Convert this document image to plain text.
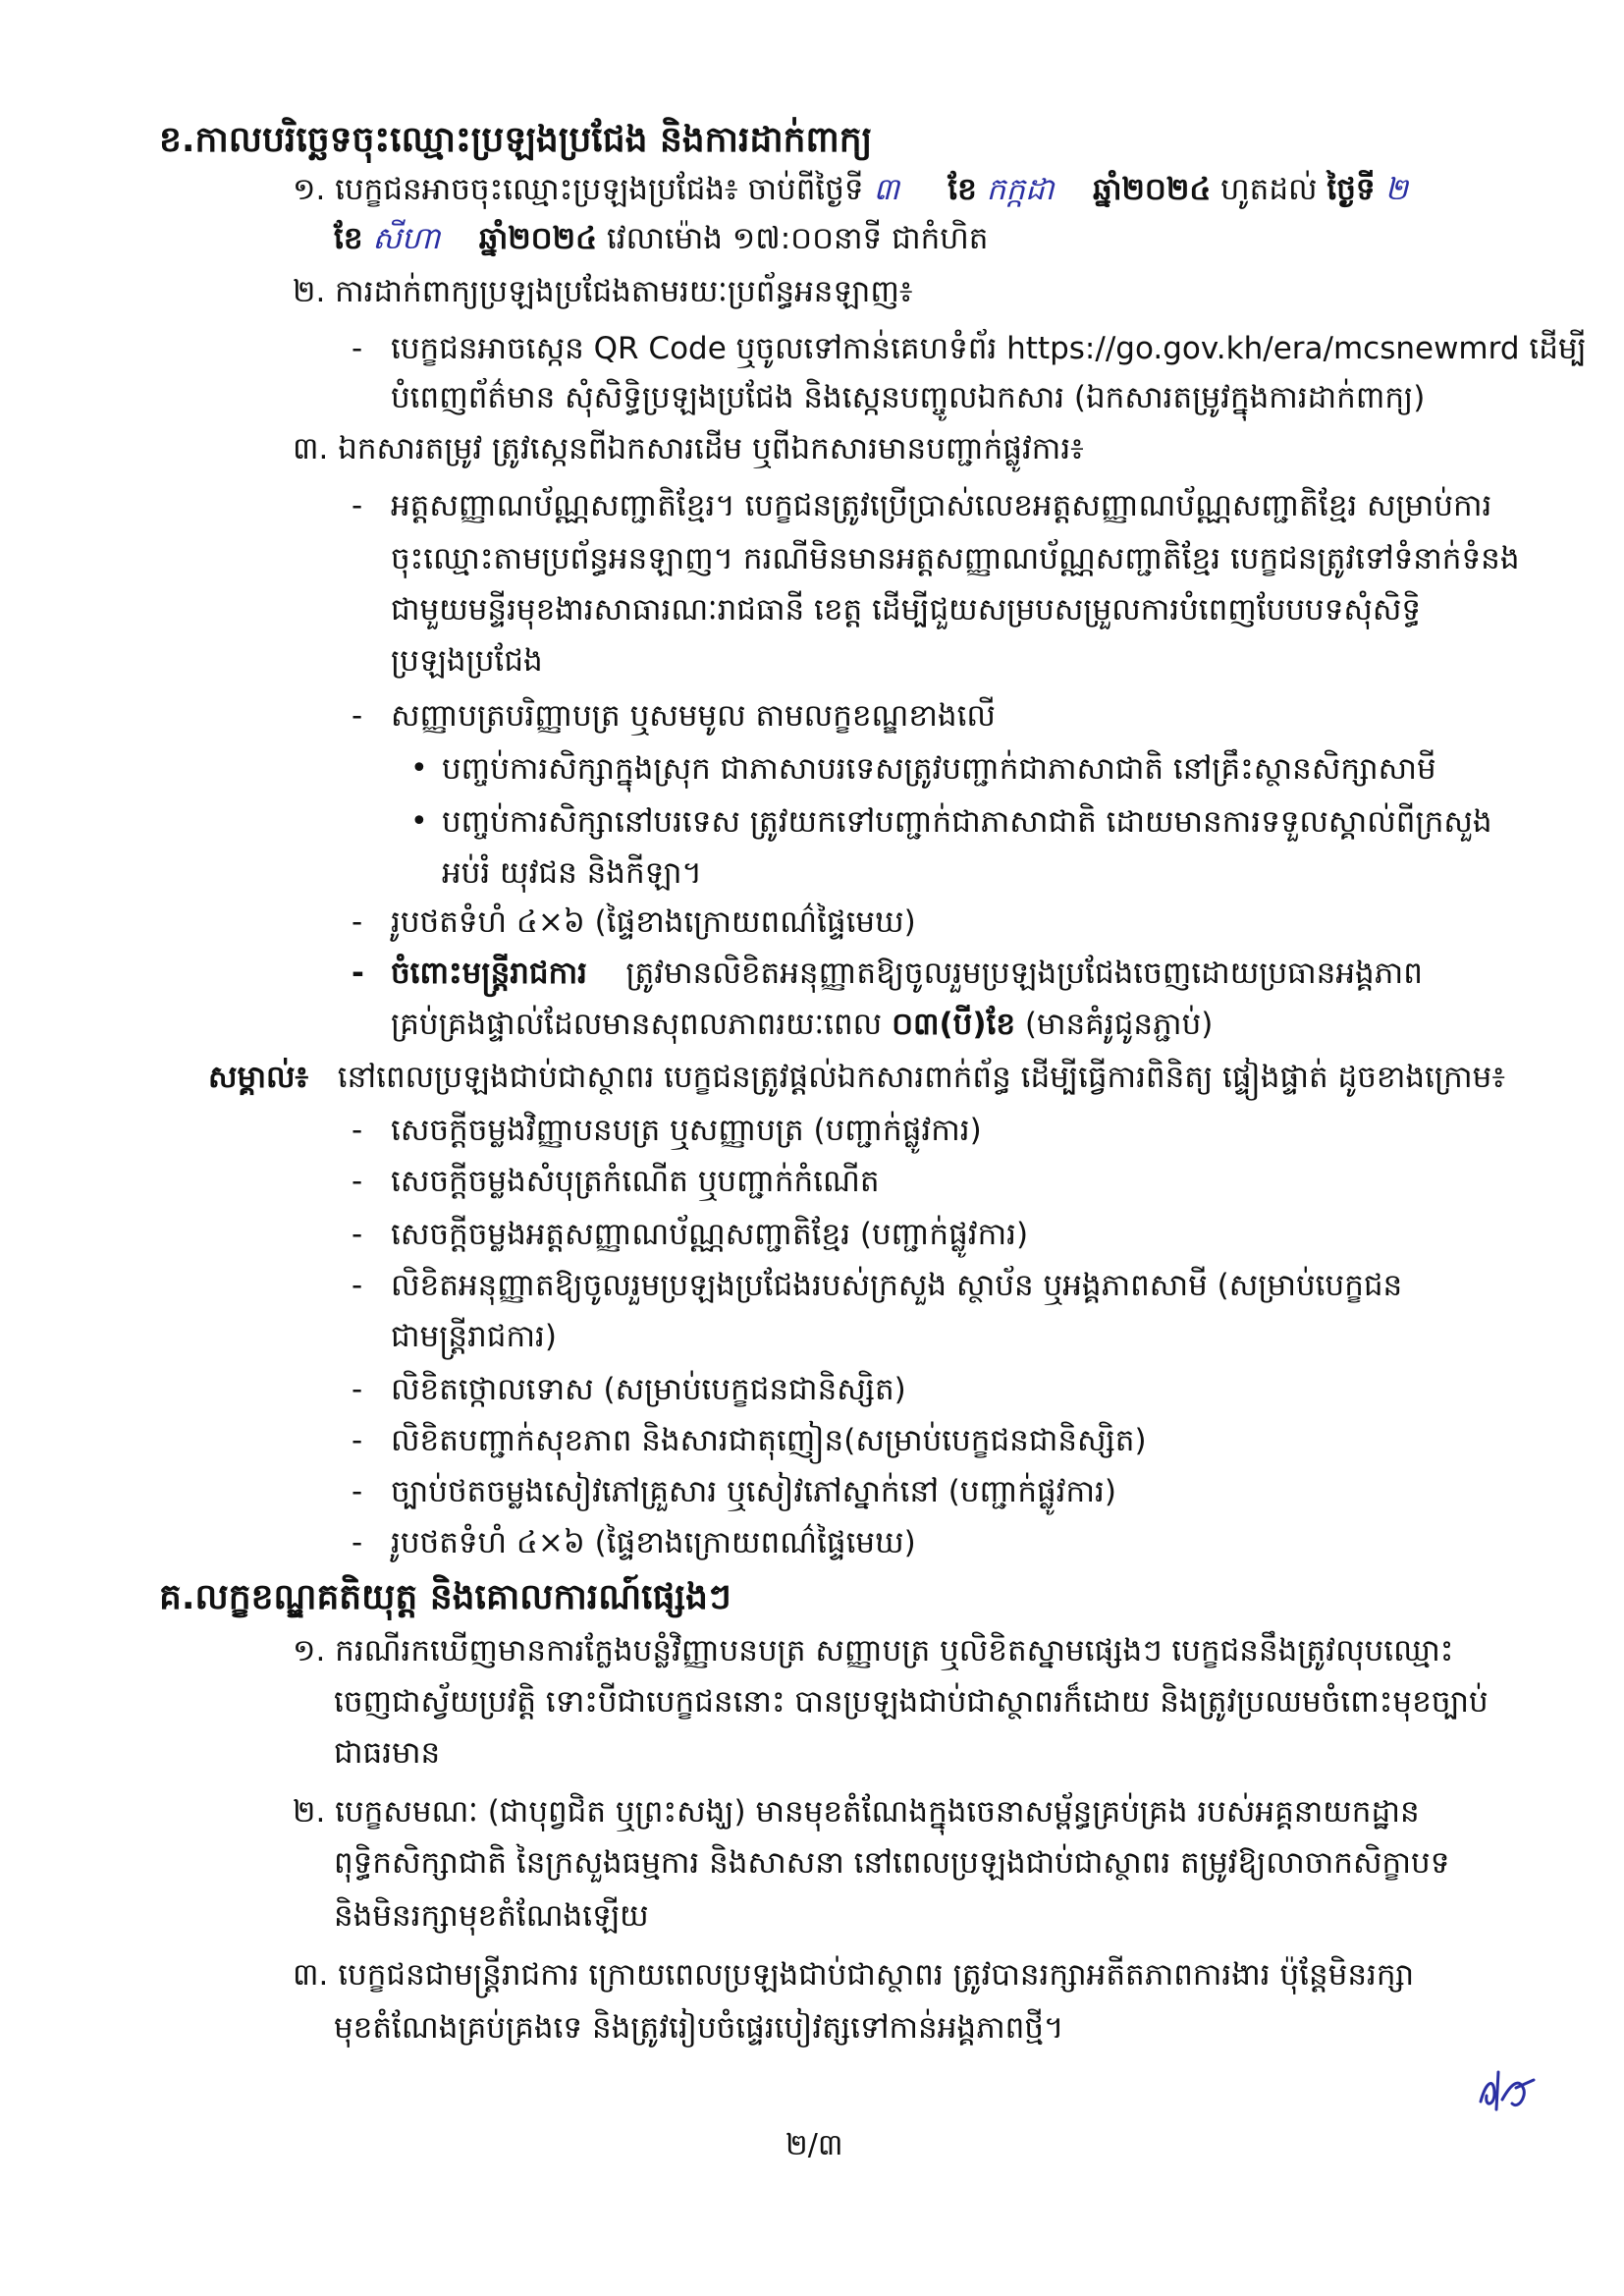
ខ.កាលបរិច្ឆេទចុះឈ្មោះប្រឡងប្រជែង និងការដាក់ពាក្យ
១. បេក្ខជនអាចចុះឈ្មោះប្រឡងប្រជែង៖ ចាប់ពីថ្ងៃទី ៣ ខែ កក្កដា ឆ្នាំ២០២៤ ហូតដល់ ថ្ងៃទី ២
ខែ សីហា ឆ្នាំ២០២៤ វេលាម៉ោង ១៧:០០នាទី ជាកំហិត
២. ការដាក់ពាក្យប្រឡងប្រជែងតាមរយៈប្រព័ន្ធអនឡាញ៖
- បេក្ខជនអាចស្កេន QR Code ឬចូលទៅកាន់គេហទំព័រ https://go.gov.kh/era/mcsnewmrd ដើម្បី
បំពេញព័ត៌មាន សុំសិទ្ធិប្រឡងប្រជែង និងស្កេនបញ្ចូលឯកសារ (ឯកសារតម្រូវក្នុងការដាក់ពាក្យ)
៣. ឯកសារតម្រូវ ត្រូវស្កេនពីឯកសារដើម ឬពីឯកសារមានបញ្ជាក់ផ្លូវការ៖
- អត្តសញ្ញាណប័ណ្ណសញ្ជាតិខ្មែរ។ បេក្ខជនត្រូវប្រើប្រាស់លេខអត្តសញ្ញាណប័ណ្ណសញ្ជាតិខ្មែរ សម្រាប់ការ
ចុះឈ្មោះតាមប្រព័ន្ធអនឡាញ។ ករណីមិនមានអត្តសញ្ញាណប័ណ្ណសញ្ជាតិខ្មែរ បេក្ខជនត្រូវទៅទំនាក់ទំនង
ជាមួយមន្ទីរមុខងារសាធារណៈរាជធានី ខេត្ត ដើម្បីជួយសម្របសម្រួលការបំពេញបែបបទសុំសិទ្ធិ
ប្រឡងប្រជែង
- សញ្ញាបត្របរិញ្ញាបត្រ ឬសមមូល តាមលក្ខខណ្ឌខាងលើ
• បញ្ចប់ការសិក្សាក្នុងស្រុក ជាភាសាបរទេសត្រូវបញ្ជាក់ជាភាសាជាតិ នៅគ្រឹះស្ថានសិក្សាសាមី
• បញ្ចប់ការសិក្សានៅបរទេស ត្រូវយកទៅបញ្ជាក់ជាភាសាជាតិ ដោយមានការទទួលស្គាល់ពីក្រសួង
អប់រំ យុវជន និងកីឡា។
- រូបថតទំហំ ៤×៦ (ផ្ទៃខាងក្រោយពណ៌ផ្ទៃមេឃ)
- ចំពោះមន្ត្រីរាជការ ត្រូវមានលិខិតអនុញ្ញាតឱ្យចូលរួមប្រឡងប្រជែងចេញដោយប្រធានអង្គភាព
គ្រប់គ្រងផ្ទាល់ដែលមានសុពលភាពរយៈពេល ០៣(បី)ខែ (មានគំរូជូនភ្ជាប់)
សម្គាល់៖ នៅពេលប្រឡងជាប់ជាស្ថាពរ បេក្ខជនត្រូវផ្ដល់ឯកសារពាក់ព័ន្ធ ដើម្បីធ្វើការពិនិត្យ ផ្ទៀងផ្ទាត់ ដូចខាងក្រោម៖
- សេចក្ដីចម្លងវិញ្ញាបនបត្រ ឬសញ្ញាបត្រ (បញ្ជាក់ផ្លូវការ)
- សេចក្ដីចម្លងសំបុត្រកំណើត ឬបញ្ជាក់កំណើត
- សេចក្ដីចម្លងអត្តសញ្ញាណប័ណ្ណសញ្ជាតិខ្មែរ (បញ្ជាក់ផ្លូវការ)
- លិខិតអនុញ្ញាតឱ្យចូលរួមប្រឡងប្រជែងរបស់ក្រសួង ស្ថាប័ន ឬអង្គភាពសាមី (សម្រាប់បេក្ខជន
ជាមន្ត្រីរាជការ)
- លិខិតថ្កោលទោស (សម្រាប់បេក្ខជនជានិស្សិត)
- លិខិតបញ្ជាក់សុខភាព និងសារជាតុញៀន(សម្រាប់បេក្ខជនជានិស្សិត)
- ច្បាប់ថតចម្លងសៀវភៅគ្រួសារ ឬសៀវភៅស្នាក់នៅ (បញ្ជាក់ផ្លូវការ)
- រូបថតទំហំ ៤×៦ (ផ្ទៃខាងក្រោយពណ៌ផ្ទៃមេឃ)
គ.លក្ខខណ្ឌគតិយុត្ត និងគោលការណ៍ផ្សេងៗ
១. ករណីរកឃើញមានការក្លែងបន្លំវិញ្ញាបនបត្រ សញ្ញាបត្រ ឬលិខិតស្នាមផ្សេងៗ បេក្ខជននឹងត្រូវលុបឈ្មោះ
ចេញជាស្វ័យប្រវត្តិ ទោះបីជាបេក្ខជននោះ បានប្រឡងជាប់ជាស្ថាពរក៏ដោយ និងត្រូវប្រឈមចំពោះមុខច្បាប់
ជាធរមាន
២. បេក្ខសមណៈ (ជាបុព្វជិត ឬព្រះសង្ឃ) មានមុខតំណែងក្នុងចេនាសម្ព័ន្ធគ្រប់គ្រង របស់អគ្គនាយកដ្ឋាន
ពុទ្ធិកសិក្សាជាតិ នៃក្រសួងធម្មការ និងសាសនា នៅពេលប្រឡងជាប់ជាស្ថាពរ តម្រូវឱ្យលាចាកសិក្ខាបទ
និងមិនរក្សាមុខតំណែងឡើយ
៣. បេក្ខជនជាមន្ត្រីរាជការ ក្រោយពេលប្រឡងជាប់ជាស្ថាពរ ត្រូវបានរក្សាអតីតភាពការងារ ប៉ុន្តែមិនរក្សា
មុខតំណែងគ្រប់គ្រងទេ និងត្រូវរៀបចំផ្ទេរបៀវត្សទៅកាន់អង្គភាពថ្មី។
២/៣
